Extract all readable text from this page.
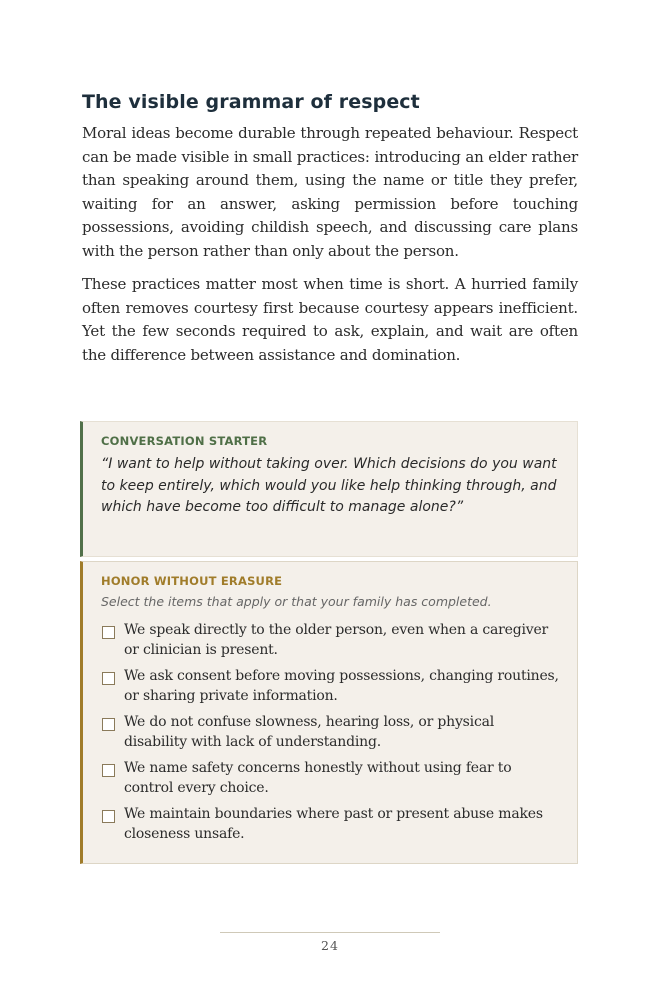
The visible grammar of respect

Moral ideas become durable through repeated behaviour. Respect can be made visible in small practices: introducing an elder rather than speaking around them, using the name or title they prefer, waiting for an answer, asking permission before touching possessions, avoiding childish speech, and discussing care plans with the person rather than only about the person.

These practices matter most when time is short. A hurried family often removes courtesy first because courtesy appears inefficient. Yet the few seconds required to ask, explain, and wait are often the difference between assistance and domination.

CONVERSATION STARTER

“I want to help without taking over. Which decisions do you want to keep entirely, which would you like help thinking through, and which have become too difficult to manage alone?”

HONOR WITHOUT ERASURE
Select the items that apply or that your family has completed.
We speak directly to the older person, even when a caregiver or clinician is present.
We ask consent before moving possessions, changing routines, or sharing private information.
We do not confuse slowness, hearing loss, or physical disability with lack of understanding.
We name safety concerns honestly without using fear to control every choice.
We maintain boundaries where past or present abuse makes closeness unsafe.
24
